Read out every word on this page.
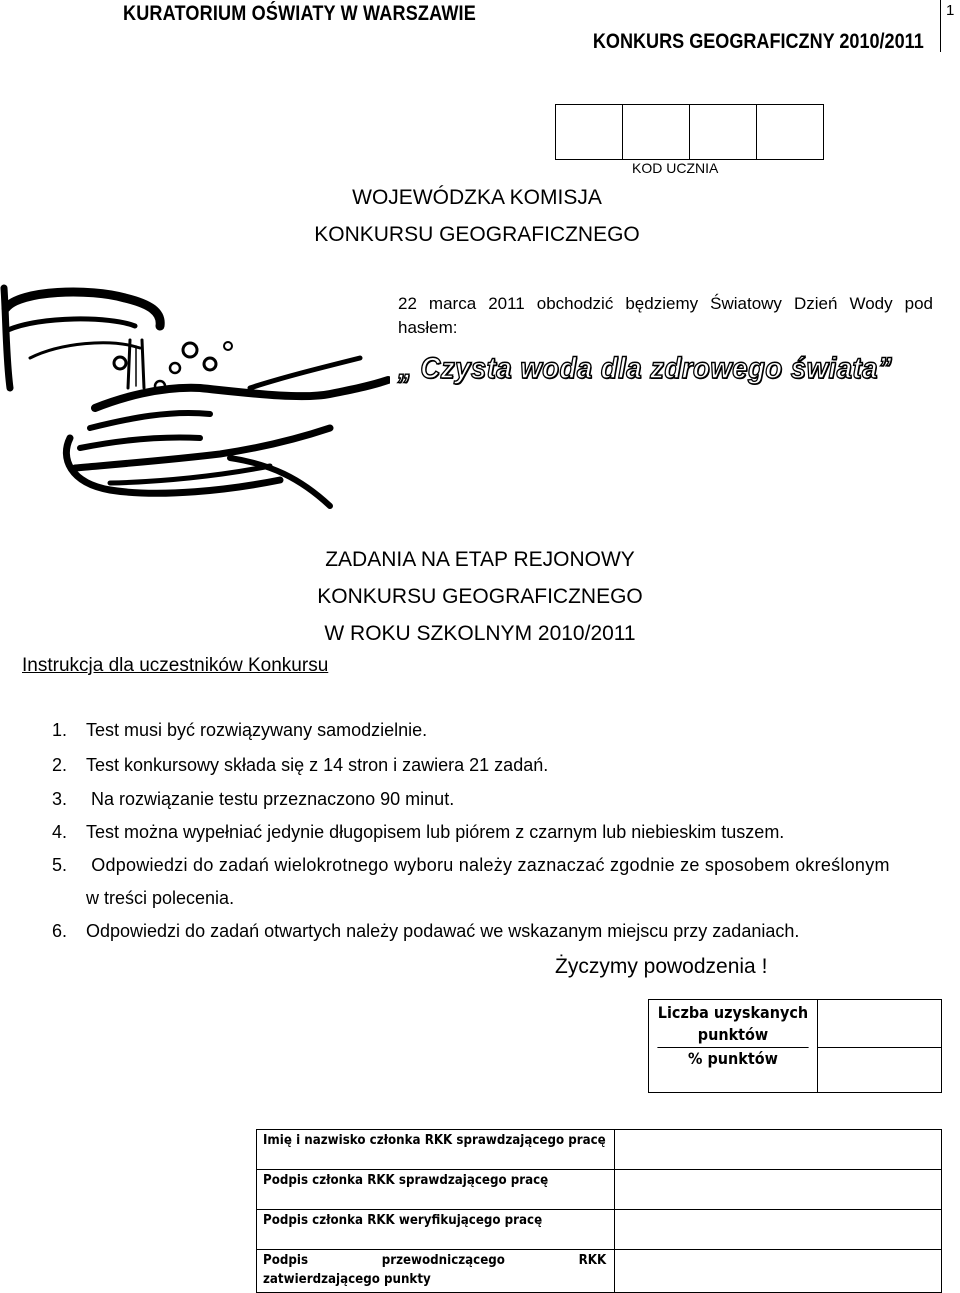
KURATORIUM OŚWIATY W WARSZAWIE
KONKURS GEOGRAFICZNY 2010/2011
1
KOD UCZNIA
WOJEWÓDZKA KOMISJA
KONKURSU GEOGRAFICZNEGO
22 marca 2011 obchodzić będziemy Światowy Dzień Wody pod hasłem:
„ Czysta woda dla zdrowego świata”
ZADANIA NA ETAP REJONOWY
KONKURSU GEOGRAFICZNEGO
W ROKU SZKOLNYM 2010/2011
Instrukcja dla uczestników Konkursu
1. Test musi być rozwiązywany samodzielnie.
2. Test konkursowy składa się z 14 stron i zawiera 21 zadań.
3. Na rozwiązanie testu przeznaczono 90 minut.
4. Test można wypełniać jedynie długopisem lub piórem z czarnym lub niebieskim tuszem.
5. Odpowiedzi do zadań wielokrotnego wyboru należy zaznaczać zgodnie ze sposobem określonym
w treści polecenia.
6. Odpowiedzi do zadań otwartych należy podawać we wskazanym miejscu przy zadaniach.
Życzymy powodzenia !
Liczba uzyskanych punktów
% punktów
Imię i nazwisko członka RKK sprawdzającego pracę
Podpis członka RKK sprawdzającego pracę
Podpis członka RKK weryfikującego pracę
Podpis   przewodniczącego   RKK   zatwierdzającego punkty
